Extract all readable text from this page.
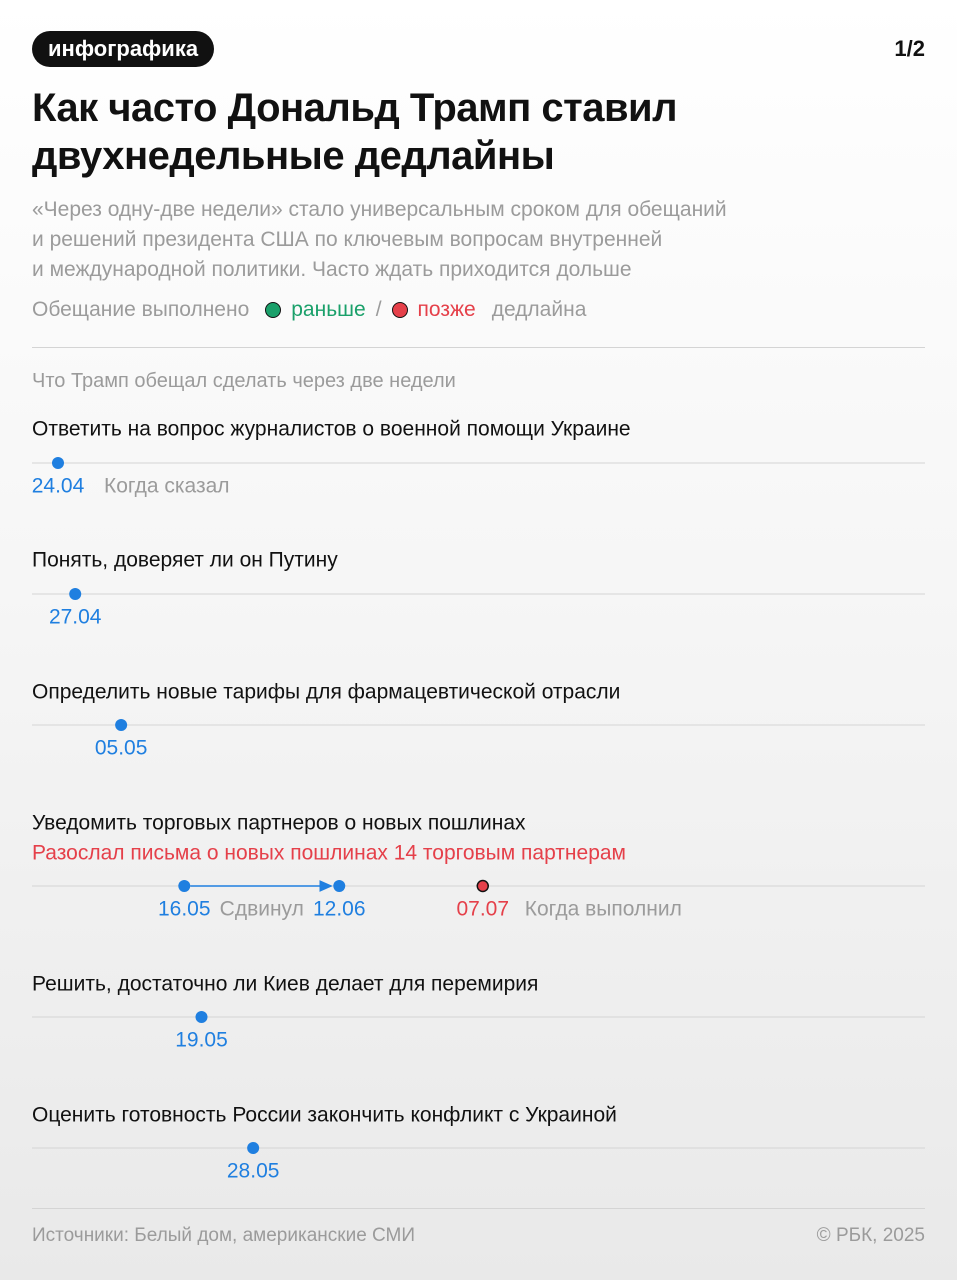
инфографика	1/2
Как часто Дональд Трамп ставил
двухнедельные дедлайны
«Через одну-две недели» стало универсальным сроком для обещаний
и решений президента США по ключевым вопросам внутренней
и международной политики. Часто ждать приходится дольше
Обещание выполнено раньше / позже дедлайна
Что Трамп обещал сделать через две недели
Ответить на вопрос журналистов о военной помощи Украине
24.04 Когда сказал
Понять, доверяет ли он Путину
27.04
Определить новые тарифы для фармацевтической отрасли
05.05
Уведомить торговых партнеров о новых пошлинах
Разослал письма о новых пошлинах 14 торговым партнерам
12.06
Сдвинул
16.05	07.07 Когда выполнил
Решить, достаточно ли Киев делает для перемирия
19.05
Оценить готовность России закончить конфликт с Украиной
28.05
Источники: Белый дом, американские СМИ	© РБК, 2025
